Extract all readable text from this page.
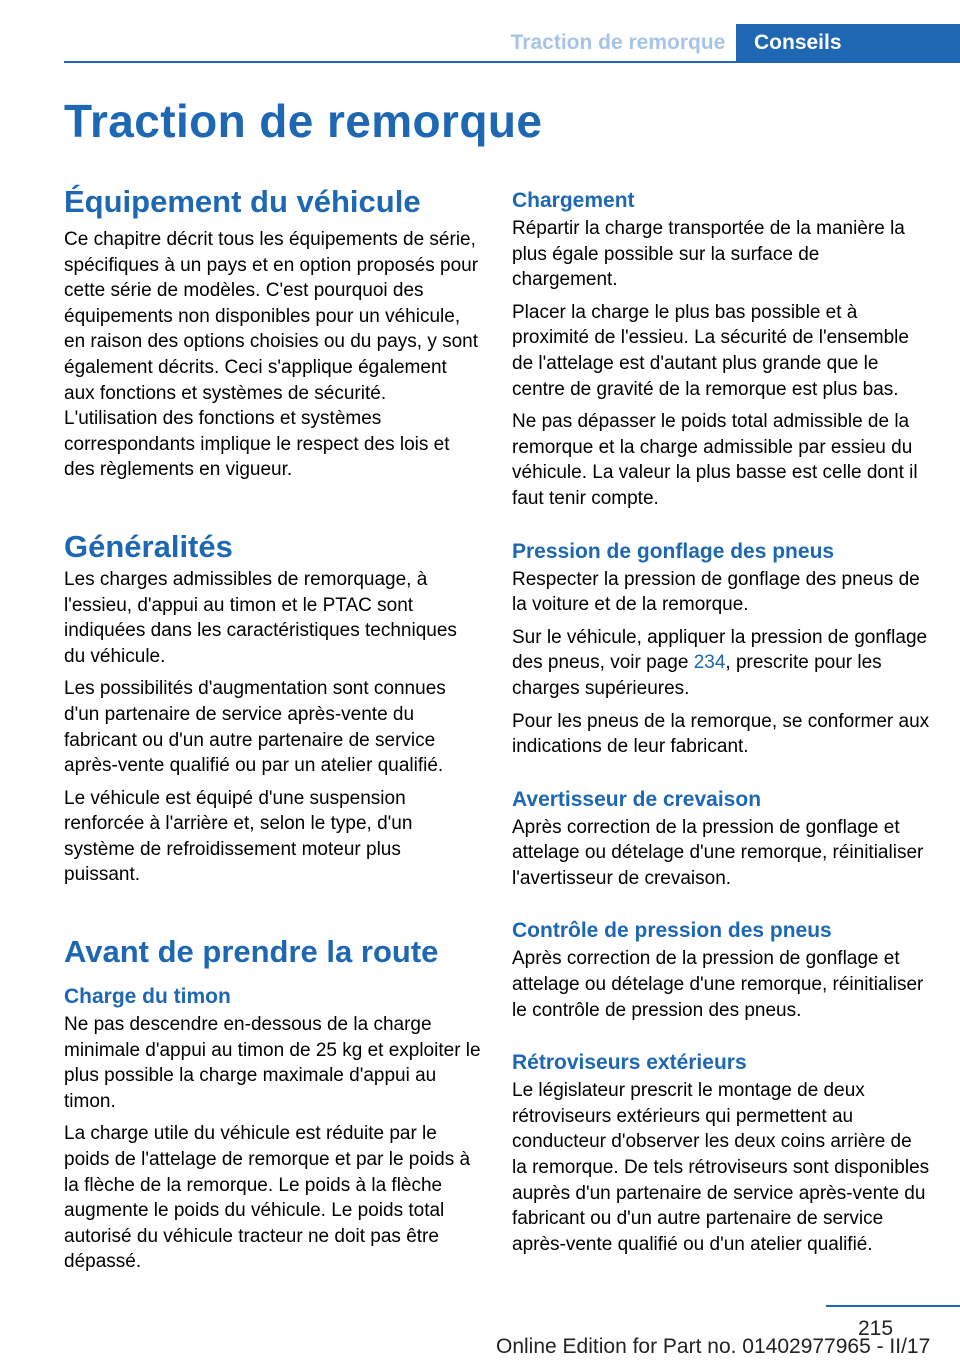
Traction de remorque	Conseils
Traction de remorque
Équipement du véhicule

Ce chapitre décrit tous les équipements de série, spécifiques à un pays et en option proposés pour cette série de modèles. C'est pourquoi des équipements non disponibles pour un véhicule, en raison des options choisies ou du pays, y sont également décrits. Ceci s'applique également aux fonctions et systèmes de sécurité. L'utilisation des fonctions et systèmes correspondants implique le respect des lois et des règlements en vigueur.

Généralités

Les charges admissibles de remorquage, à l'essieu, d'appui au timon et le PTAC sont indiquées dans les caractéristiques techniques du véhicule.

Les possibilités d'augmentation sont connues d'un partenaire de service après-vente du fabricant ou d'un autre partenaire de service après-vente qualifié ou par un atelier qualifié.

Le véhicule est équipé d'une suspension renforcée à l'arrière et, selon le type, d'un système de refroidissement moteur plus puissant.

Avant de prendre la route
Charge du timon

Ne pas descendre en-dessous de la charge minimale d'appui au timon de 25 kg et exploiter le plus possible la charge maximale d'appui au timon.

La charge utile du véhicule est réduite par le poids de l'attelage de remorque et par le poids à la flèche de la remorque. Le poids à la flèche augmente le poids du véhicule. Le poids total autorisé du véhicule tracteur ne doit pas être dépassé.

Chargement

Répartir la charge transportée de la manière la plus égale possible sur la surface de chargement.

Placer la charge le plus bas possible et à proximité de l'essieu. La sécurité de l'ensemble de l'attelage est d'autant plus grande que le centre de gravité de la remorque est plus bas.

Ne pas dépasser le poids total admissible de la remorque et la charge admissible par essieu du véhicule. La valeur la plus basse est celle dont il faut tenir compte.

Pression de gonflage des pneus

Respecter la pression de gonflage des pneus de la voiture et de la remorque.

Sur le véhicule, appliquer la pression de gonflage des pneus, voir page 234, prescrite pour les charges supérieures.

Pour les pneus de la remorque, se conformer aux indications de leur fabricant.

Avertisseur de crevaison

Après correction de la pression de gonflage et attelage ou dételage d'une remorque, réinitialiser l'avertisseur de crevaison.

Contrôle de pression des pneus

Après correction de la pression de gonflage et attelage ou dételage d'une remorque, réinitialiser le contrôle de pression des pneus.

Rétroviseurs extérieurs

Le législateur prescrit le montage de deux rétroviseurs extérieurs qui permettent au conducteur d'observer les deux coins arrière de la remorque. De tels rétroviseurs sont disponibles auprès d'un partenaire de service après-vente du fabricant ou d'un autre partenaire de service après-vente qualifié ou d'un atelier qualifié.

215
Online Edition for Part no. 01402977965 - II/17
